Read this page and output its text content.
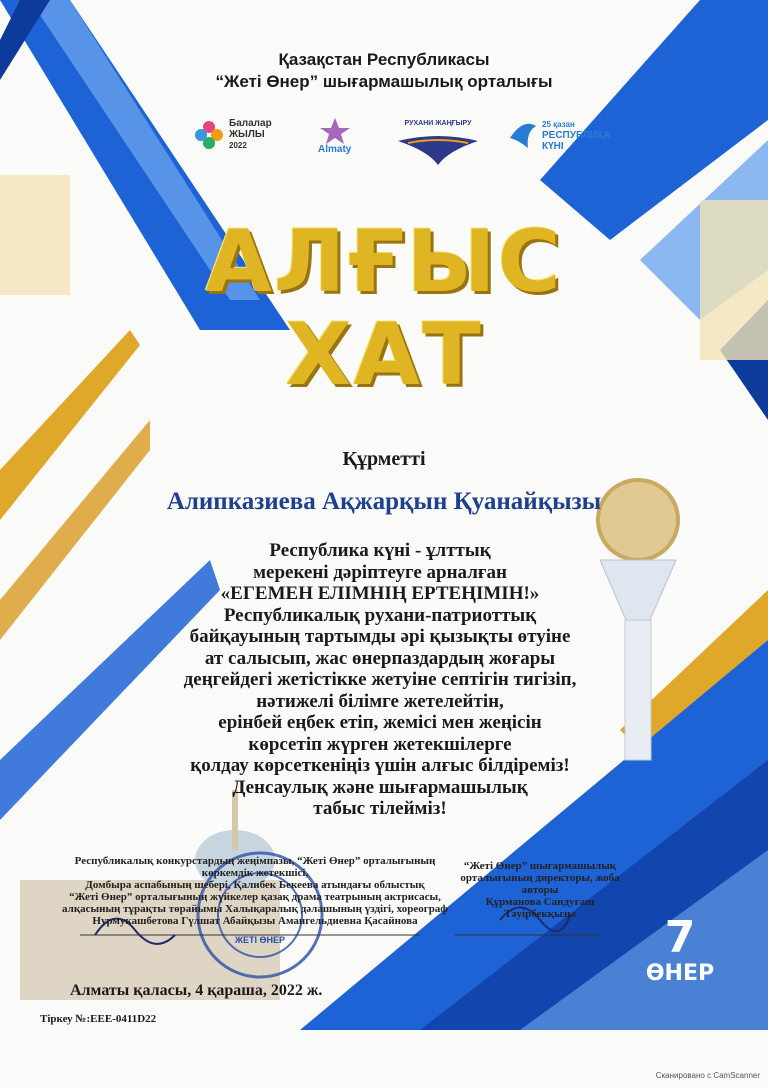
Қазақстан Республикасы
“Жеті Өнер” шығармашылық орталығы
Балалар
ЖЫЛЫ
2022	Almaty
РУХАНИ ЖАҢҒЫРУ	25 қазан
РЕСПУБЛИКА
КҮНІ
АЛҒЫС
ХАТ
Құрметті
Алипказиева Ақжарқын Қуанайқызы
Республика күні - ұлттық
мерекені дәріптеуге арналған
«ЕГЕМЕН ЕЛІМНІҢ ЕРТЕҢІМІН!»
Республикалық рухани-патриоттық
байқауының тартымды әрі қызықты өтуіне
ат салысып, жас өнерпаздардың жоғары
деңгейдегі жетістікке жетуіне септігін тигізіп,
нәтижелі білімге жетелейтін,
ерінбей еңбек етіп, жемісі мен жеңісін
көрсетіп жүрген жетекшілерге
қолдау көрсеткеніңіз үшін алғыс білдіреміз!
Денсаулық және шығармашылық
табыс тілейміз!
Республикалық конкурстардың жеңімпазы, “Жеті Өнер” орталығының көркемдік жетекшісі,
Домбыра аспабының шебері, Қалибек Бекеева атындағы облыстық
“Жеті Өнер” орталығының жүйкелер қазақ драма театрының актрисасы,
алқасының тұрақты төрайымы Халықаралық дәлашының үздігі, хореограф
Нурмукашбетова Гүлшат Абайқызы Амангельдиевна Қасайнова
“Жеті Өнер” шығармашылық
орталығының директоры, жоба авторы
Құрманова Сандуғаш Тәуірбекқызы
ЖЕТІ ӨНЕР	7
ӨНЕР
Алматы қаласы, 4 қараша, 2022 ж.
Тіркеу №:ЕЕЕ-0411D22
Сканировано с CamScanner
